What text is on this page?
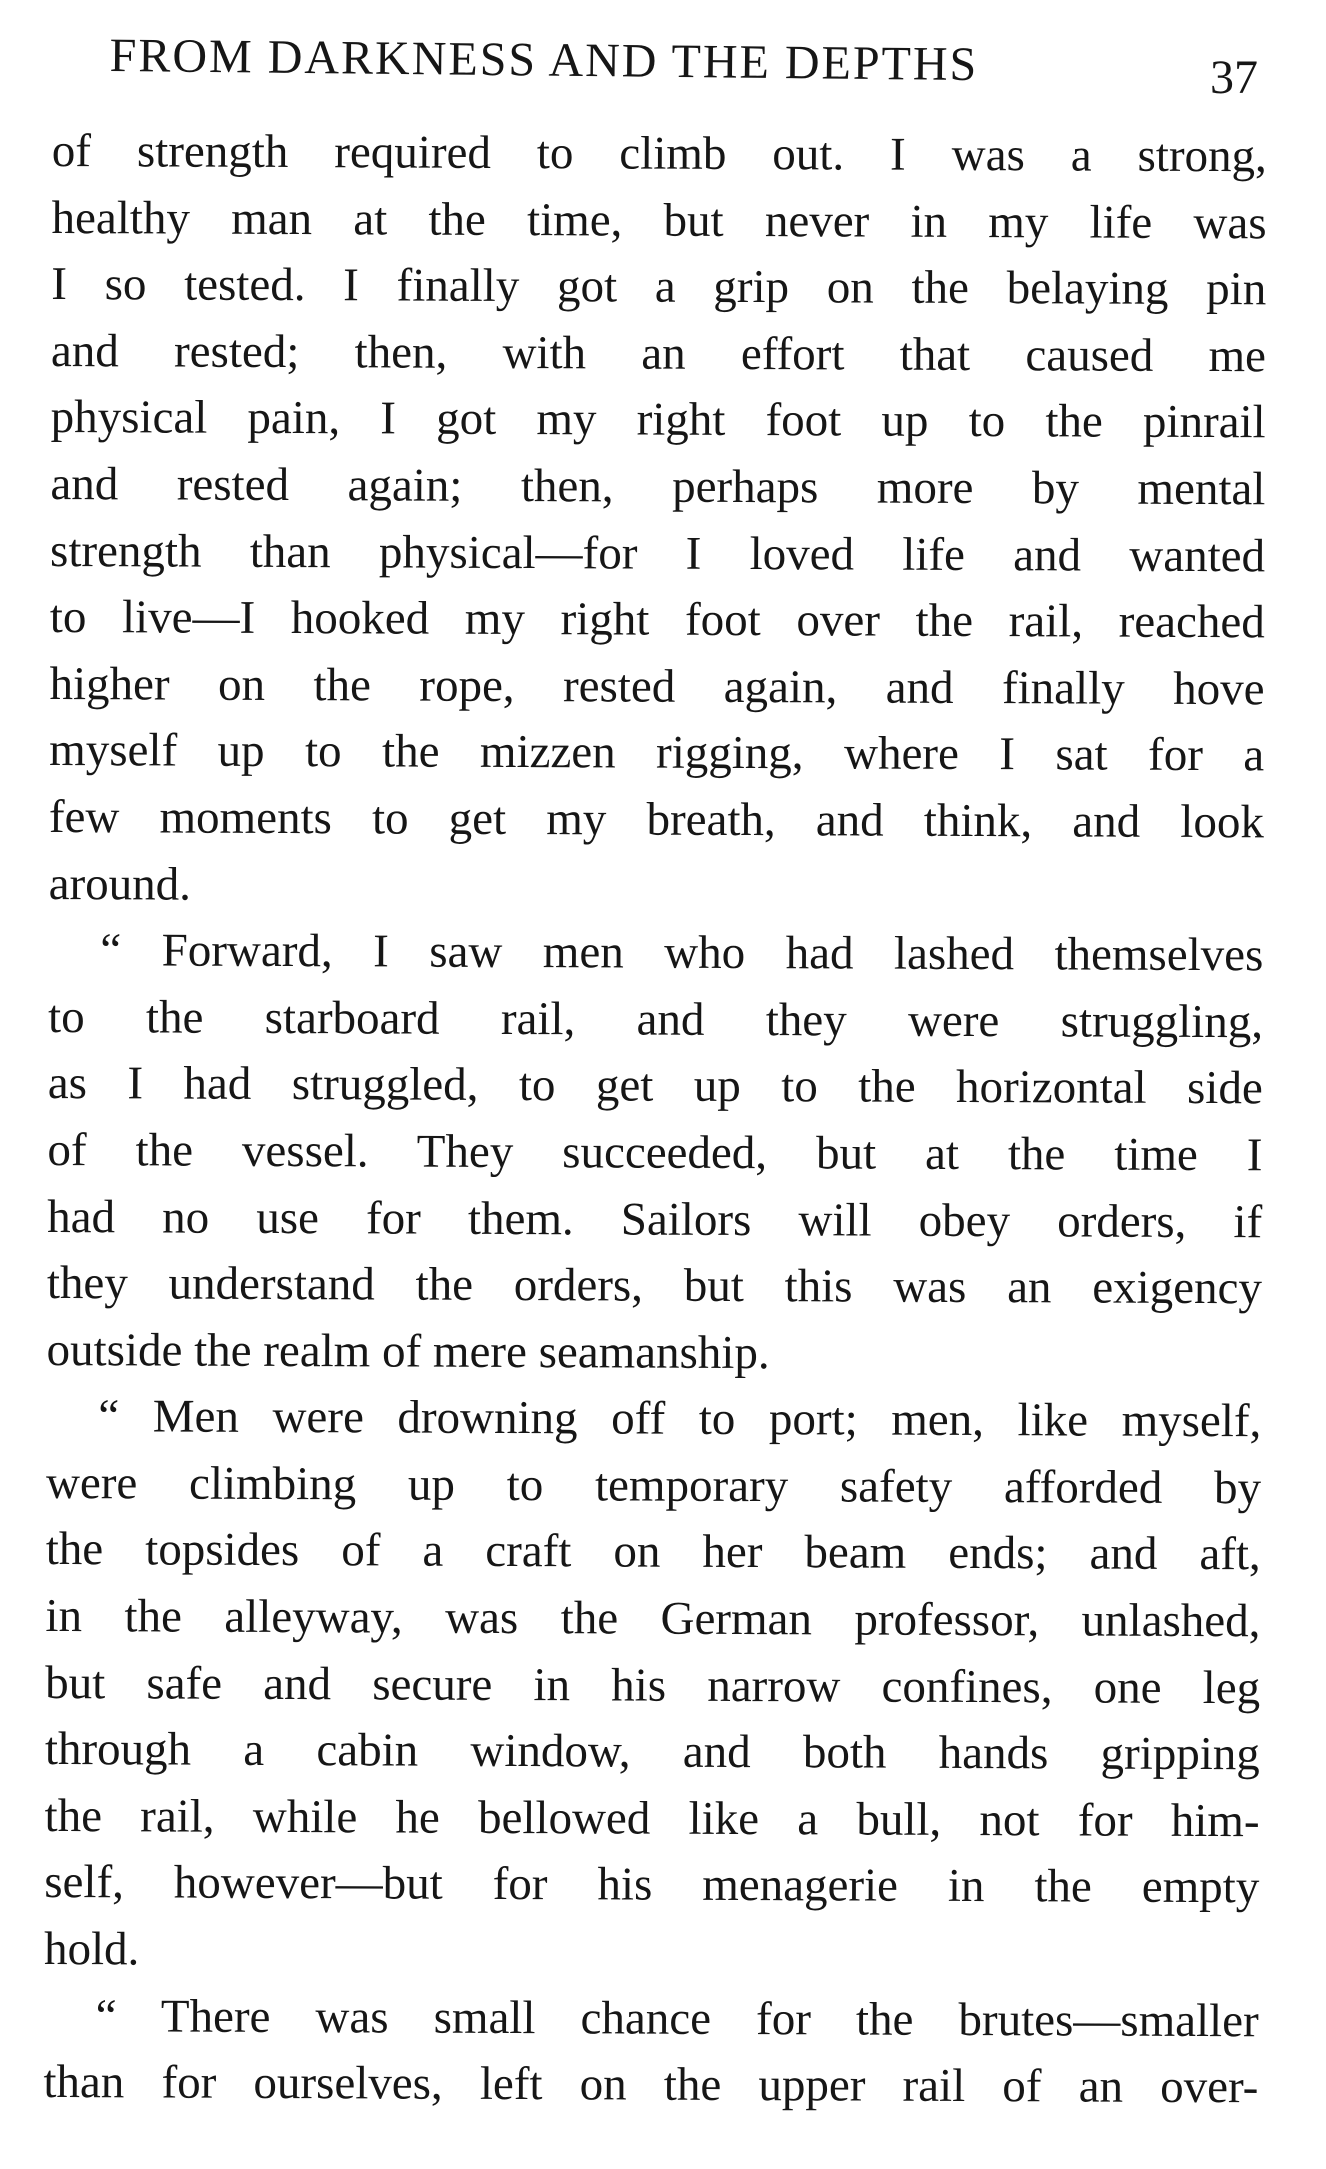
FROM DARKNESS AND THE DEPTHS	37
of strength required to climb out. I was a strong,
healthy man at the time, but never in my life was
I so tested. I finally got a grip on the belaying pin
and rested; then, with an effort that caused me
physical pain, I got my right foot up to the pinrail
and rested again; then, perhaps more by mental
strength than physical—for I loved life and wanted
to live—I hooked my right foot over the rail, reached
higher on the rope, rested again, and finally hove
myself up to the mizzen rigging, where I sat for a
few moments to get my breath, and think, and look
around.
“ Forward, I saw men who had lashed themselves
to the starboard rail, and they were struggling,
as I had struggled, to get up to the horizontal side
of the vessel. They succeeded, but at the time I
had no use for them. Sailors will obey orders, if
they understand the orders, but this was an exigency
outside the realm of mere seamanship.
“ Men were drowning off to port; men, like myself,
were climbing up to temporary safety afforded by
the topsides of a craft on her beam ends; and aft,
in the alleyway, was the German professor, unlashed,
but safe and secure in his narrow confines, one leg
through a cabin window, and both hands gripping
the rail, while he bellowed like a bull, not for him-
self, however—but for his menagerie in the empty
hold.
“ There was small chance for the brutes—smaller
than for ourselves, left on the upper rail of an over-
